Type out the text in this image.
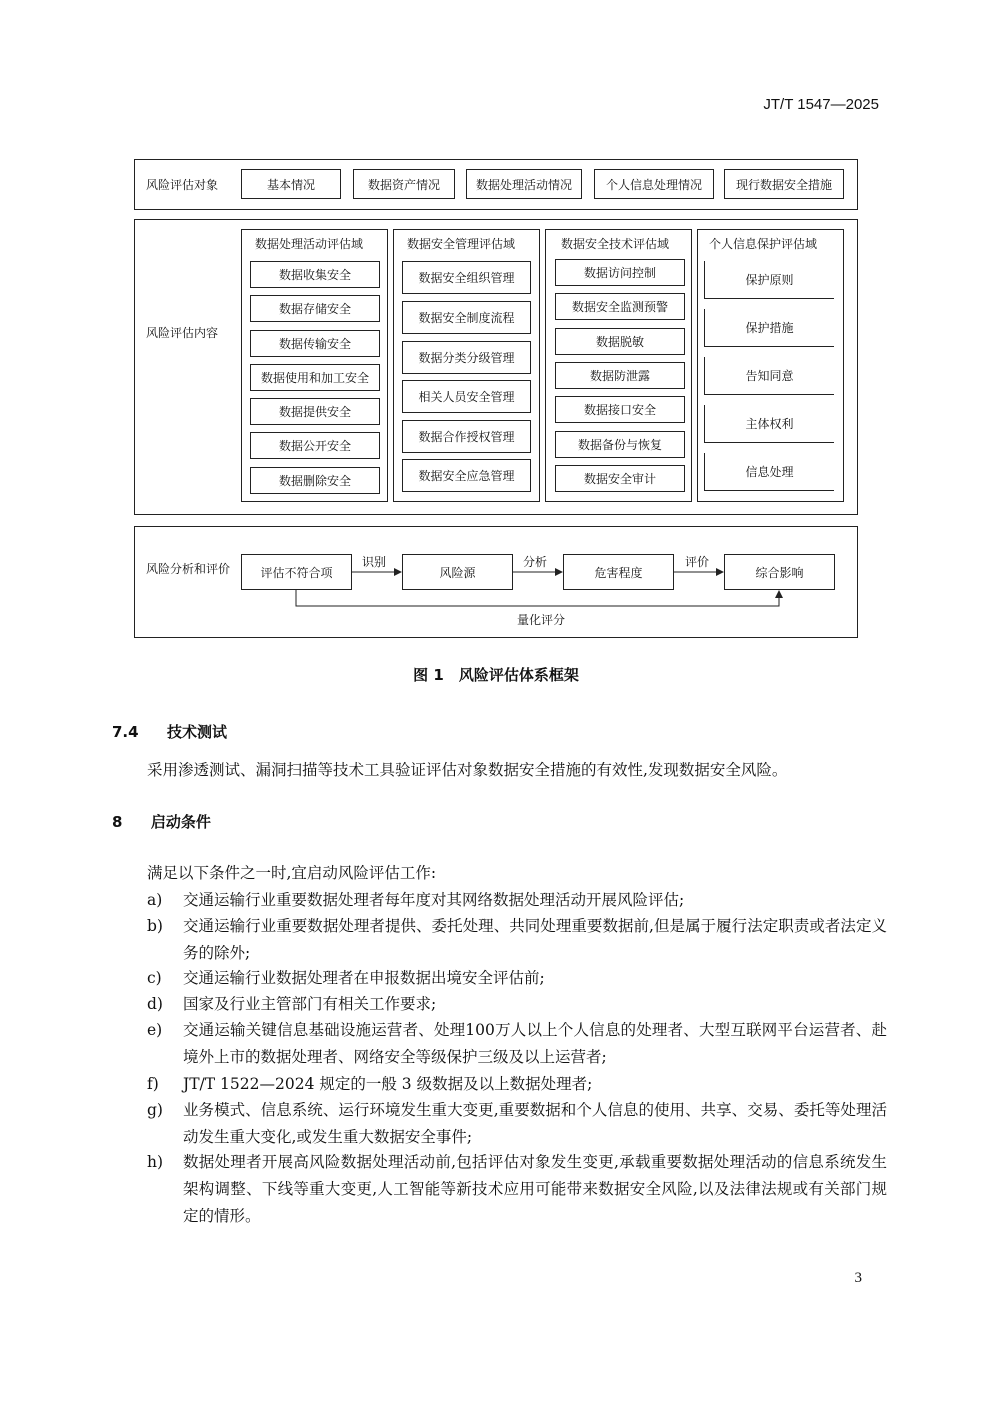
JT/T 1547—2025
风险评估对象	基本情况	数据资产情况	数据处理活动情况	个人信息处理情况	现行数据安全措施
风险评估内容
数据处理活动评估域
数据收集安全
数据存储安全
数据传输安全
数据使用和加工安全
数据提供安全
数据公开安全
数据删除安全
数据安全管理评估域
数据安全组织管理
数据安全制度流程
数据分类分级管理
相关人员安全管理
数据合作授权管理
数据安全应急管理
数据安全技术评估域
数据访问控制
数据安全监测预警
数据脱敏
数据防泄露
数据接口安全
数据备份与恢复
数据安全审计
个人信息保护评估域
保护原则
保护措施
告知同意
主体权利
信息处理
风险分析和评价	评估不符合项	风险源	危害程度	综合影响
识别	分析	评价
量化评分
图 1　风险评估体系框架
7.4 技术测试
采用渗透测试、漏洞扫描等技术工具验证评估对象数据安全措施的有效性,发现数据安全风险。
8 启动条件
满足以下条件之一时,宜启动风险评估工作:
a) 交通运输行业重要数据处理者每年度对其网络数据处理活动开展风险评估;
b) 交通运输行业重要数据处理者提供、委托处理、共同处理重要数据前,但是属于履行法定职责或者法定义务的除外;
c) 交通运输行业数据处理者在申报数据出境安全评估前;
d) 国家及行业主管部门有相关工作要求;
e) 交通运输关键信息基础设施运营者、处理100万人以上个人信息的处理者、大型互联网平台运营者、赴境外上市的数据处理者、网络安全等级保护三级及以上运营者;
f) JT/T 1522—2024 规定的一般 3 级数据及以上数据处理者;
g) 业务模式、信息系统、运行环境发生重大变更,重要数据和个人信息的使用、共享、交易、委托等处理活动发生重大变化,或发生重大数据安全事件;
h) 数据处理者开展高风险数据处理活动前,包括评估对象发生变更,承载重要数据处理活动的信息系统发生架构调整、下线等重大变更,人工智能等新技术应用可能带来数据安全风险,以及法律法规或有关部门规定的情形。
3
